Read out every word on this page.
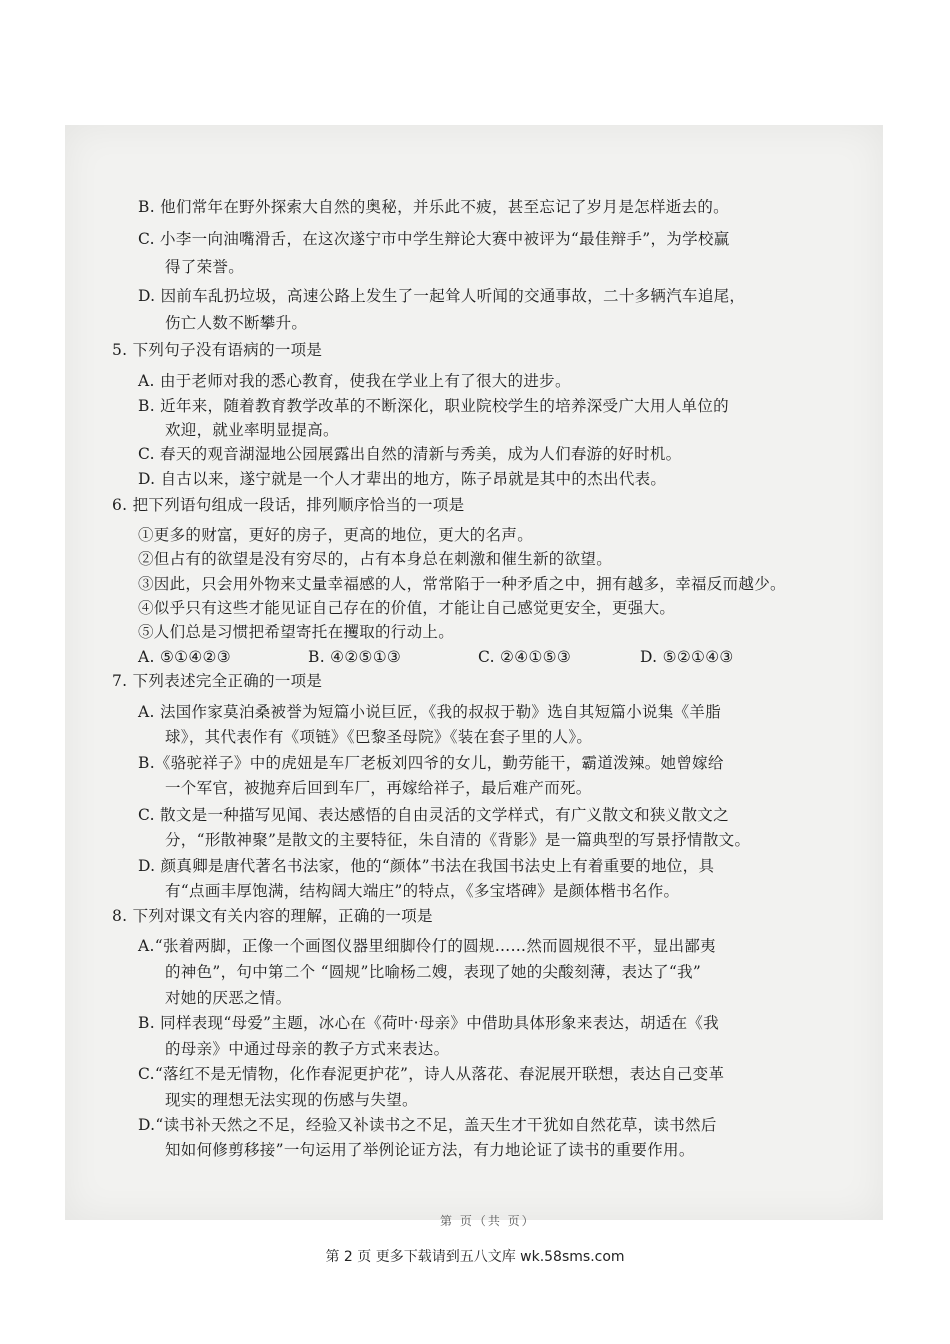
B. 他们常年在野外探索大自然的奥秘，并乐此不疲，甚至忘记了岁月是怎样逝去的。
C. 小李一向油嘴滑舌，在这次遂宁市中学生辩论大赛中被评为“最佳辩手”，为学校赢
得了荣誉。
D. 因前车乱扔垃圾，高速公路上发生了一起耸人听闻的交通事故，二十多辆汽车追尾，
伤亡人数不断攀升。
5. 下列句子没有语病的一项是
A. 由于老师对我的悉心教育，使我在学业上有了很大的进步。
B. 近年来，随着教育教学改革的不断深化，职业院校学生的培养深受广大用人单位的
欢迎，就业率明显提高。
C. 春天的观音湖湿地公园展露出自然的清新与秀美，成为人们春游的好时机。
D. 自古以来，遂宁就是一个人才辈出的地方，陈子昂就是其中的杰出代表。
6. 把下列语句组成一段话，排列顺序恰当的一项是
①更多的财富，更好的房子，更高的地位，更大的名声。
②但占有的欲望是没有穷尽的，占有本身总在刺激和催生新的欲望。
③因此，只会用外物来丈量幸福感的人，常常陷于一种矛盾之中，拥有越多，幸福反而越少。
④似乎只有这些才能见证自己存在的价值，才能让自己感觉更安全，更强大。
⑤人们总是习惯把希望寄托在攫取的行动上。
A. ⑤①④②③	B. ④②⑤①③	C. ②④①⑤③	D. ⑤②①④③
7. 下列表述完全正确的一项是
A. 法国作家莫泊桑被誉为短篇小说巨匠，《我的叔叔于勒》选自其短篇小说集《羊脂
球》，其代表作有《项链》《巴黎圣母院》《装在套子里的人》。
B.《骆驼祥子》中的虎妞是车厂老板刘四爷的女儿，勤劳能干，霸道泼辣。她曾嫁给
一个军官，被抛弃后回到车厂，再嫁给祥子，最后难产而死。
C. 散文是一种描写见闻、表达感悟的自由灵活的文学样式，有广义散文和狭义散文之
分，“形散神聚”是散文的主要特征，朱自清的《背影》是一篇典型的写景抒情散文。
D. 颜真卿是唐代著名书法家，他的“颜体”书法在我国书法史上有着重要的地位，具
有“点画丰厚饱满，结构阔大端庄”的特点，《多宝塔碑》是颜体楷书名作。
8. 下列对课文有关内容的理解，正确的一项是
A.“张着两脚，正像一个画图仪器里细脚伶仃的圆规……然而圆规很不平，显出鄙夷
的神色”，句中第二个 “圆规”比喻杨二嫂，表现了她的尖酸刻薄，表达了“我”
对她的厌恶之情。
B. 同样表现“母爱”主题，冰心在《荷叶·母亲》中借助具体形象来表达，胡适在《我
的母亲》中通过母亲的教子方式来表达。
C.“落红不是无情物，化作春泥更护花”，诗人从落花、春泥展开联想，表达自己变革
现实的理想无法实现的伤感与失望。
D.“读书补天然之不足，经验又补读书之不足，盖天生才干犹如自然花草，读书然后
知如何修剪移接”一句运用了举例论证方法，有力地论证了读书的重要作用。
第 页（共 页）
第 2 页 更多下载请到五八文库 wk.58sms.com
